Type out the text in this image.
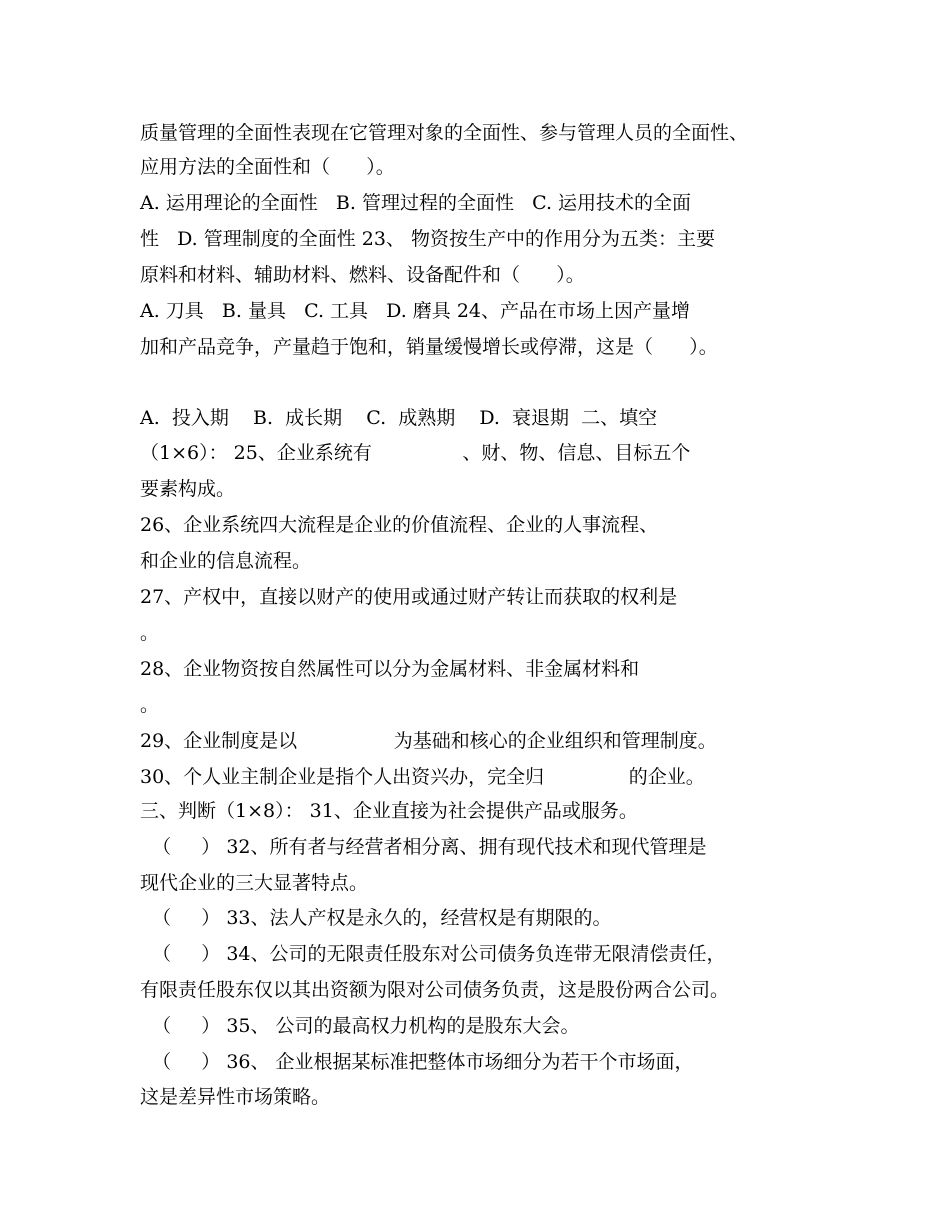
质量管理的全面性表现在它管理对象的全面性、参与管理人员的全面性、
应用方法的全面性和（      ）。
A. 运用理论的全面性   B. 管理过程的全面性   C. 运用技术的全面
性   D. 管理制度的全面性 23、 物资按生产中的作用分为五类：主要
原料和材料、辅助材料、燃料、设备配件和（      ）。
A. 刀具   B. 量具   C. 工具   D. 磨具 24、产品在市场上因产量增
加和产品竞争，产量趋于饱和，销量缓慢增长或停滞，这是（      ）。
A.  投入期    B.  成长期    C.  成熟期    D.  衰退期  二、填空
（1×6）： 25、企业系统有               、财、物、信息、目标五个
要素构成。
26、企业系统四大流程是企业的价值流程、企业的人事流程、
和企业的信息流程。
27、产权中，直接以财产的使用或通过财产转让而获取的权利是
。
28、企业物资按自然属性可以分为金属材料、非金属材料和
。
29、企业制度是以                为基础和核心的企业组织和管理制度。
30、个人业主制企业是指个人出资兴办，完全归              的企业。
三、判断（1×8）： 31、企业直接为社会提供产品或服务。
（     ） 32、所有者与经营者相分离、拥有现代技术和现代管理是
现代企业的三大显著特点。
（     ） 33、法人产权是永久的，经营权是有期限的。
（     ） 34、公司的无限责任股东对公司债务负连带无限清偿责任，
有限责任股东仅以其出资额为限对公司债务负责，这是股份两合公司。
（     ） 35、 公司的最高权力机构的是股东大会。
（     ） 36、 企业根据某标准把整体市场细分为若干个市场面，
这是差异性市场策略。
